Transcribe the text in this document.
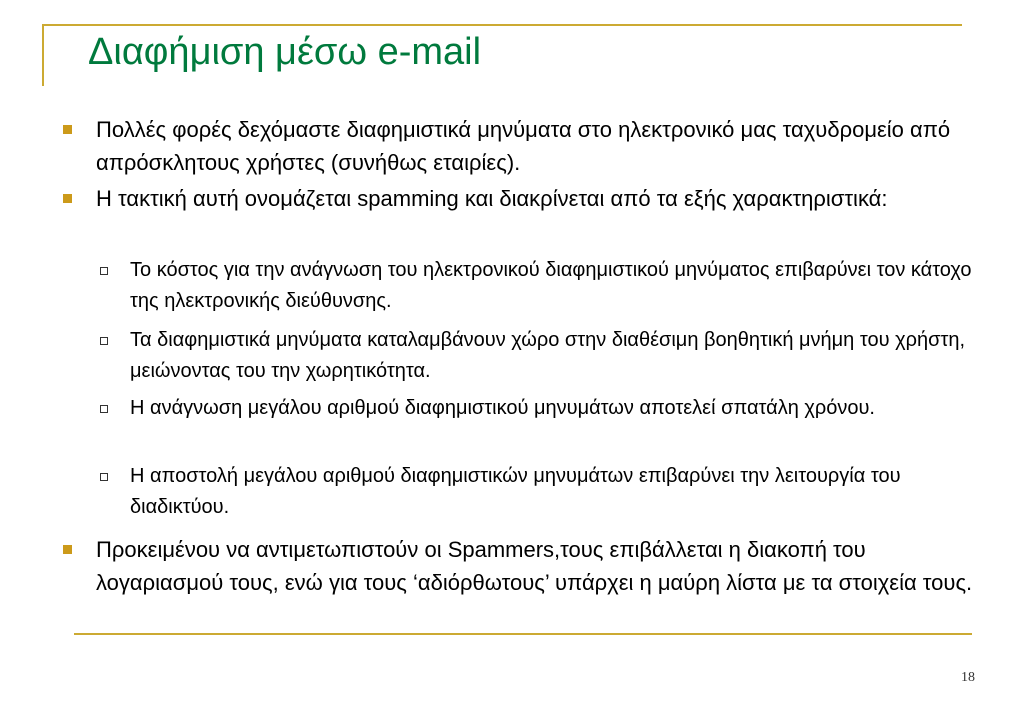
Διαφήμιση μέσω e-mail
Πολλές φορές δεχόμαστε διαφημιστικά μηνύματα στο ηλεκτρονικό μας ταχυδρομείο από απρόσκλητους χρήστες (συνήθως εταιρίες).
Η τακτική αυτή ονομάζεται spamming και διακρίνεται από τα εξής χαρακτηριστικά:
Το κόστος για την ανάγνωση του ηλεκτρονικού διαφημιστικού μηνύματος επιβαρύνει τον κάτοχο της ηλεκτρονικής διεύθυνσης.
Τα διαφημιστικά μηνύματα καταλαμβάνουν χώρο στην διαθέσιμη βοηθητική μνήμη του χρήστη, μειώνοντας του την χωρητικότητα.
Η ανάγνωση μεγάλου αριθμού διαφημιστικού μηνυμάτων αποτελεί σπατάλη χρόνου.
Η αποστολή μεγάλου αριθμού διαφημιστικών μηνυμάτων επιβαρύνει την λειτουργία του διαδικτύου.
Προκειμένου να αντιμετωπιστούν οι Spammers,τους επιβάλλεται η διακοπή του λογαριασμού τους, ενώ για τους ‘αδιόρθωτους’ υπάρχει η μαύρη λίστα με τα στοιχεία τους.
18
